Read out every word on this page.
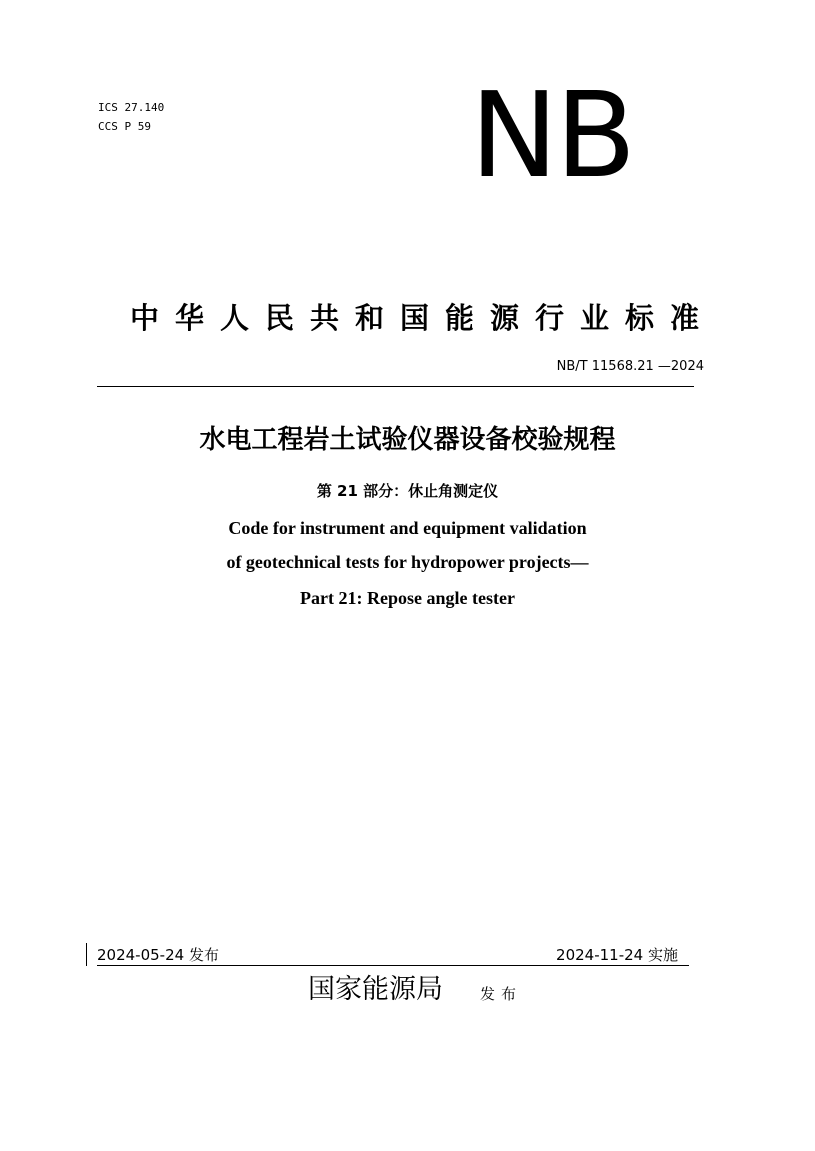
ICS 27.140
CCS P 59	NB
中华人民共和国能源行业标准
NB/T 11568.21 —2024
水电工程岩土试验仪器设备校验规程
第 21 部分：休止角测定仪
Code for instrument and equipment validation
of geotechnical tests for hydropower projects—
Part 21: Repose angle tester
2024-05-24 发布	2024-11-24 实施
国家能源局 发布
